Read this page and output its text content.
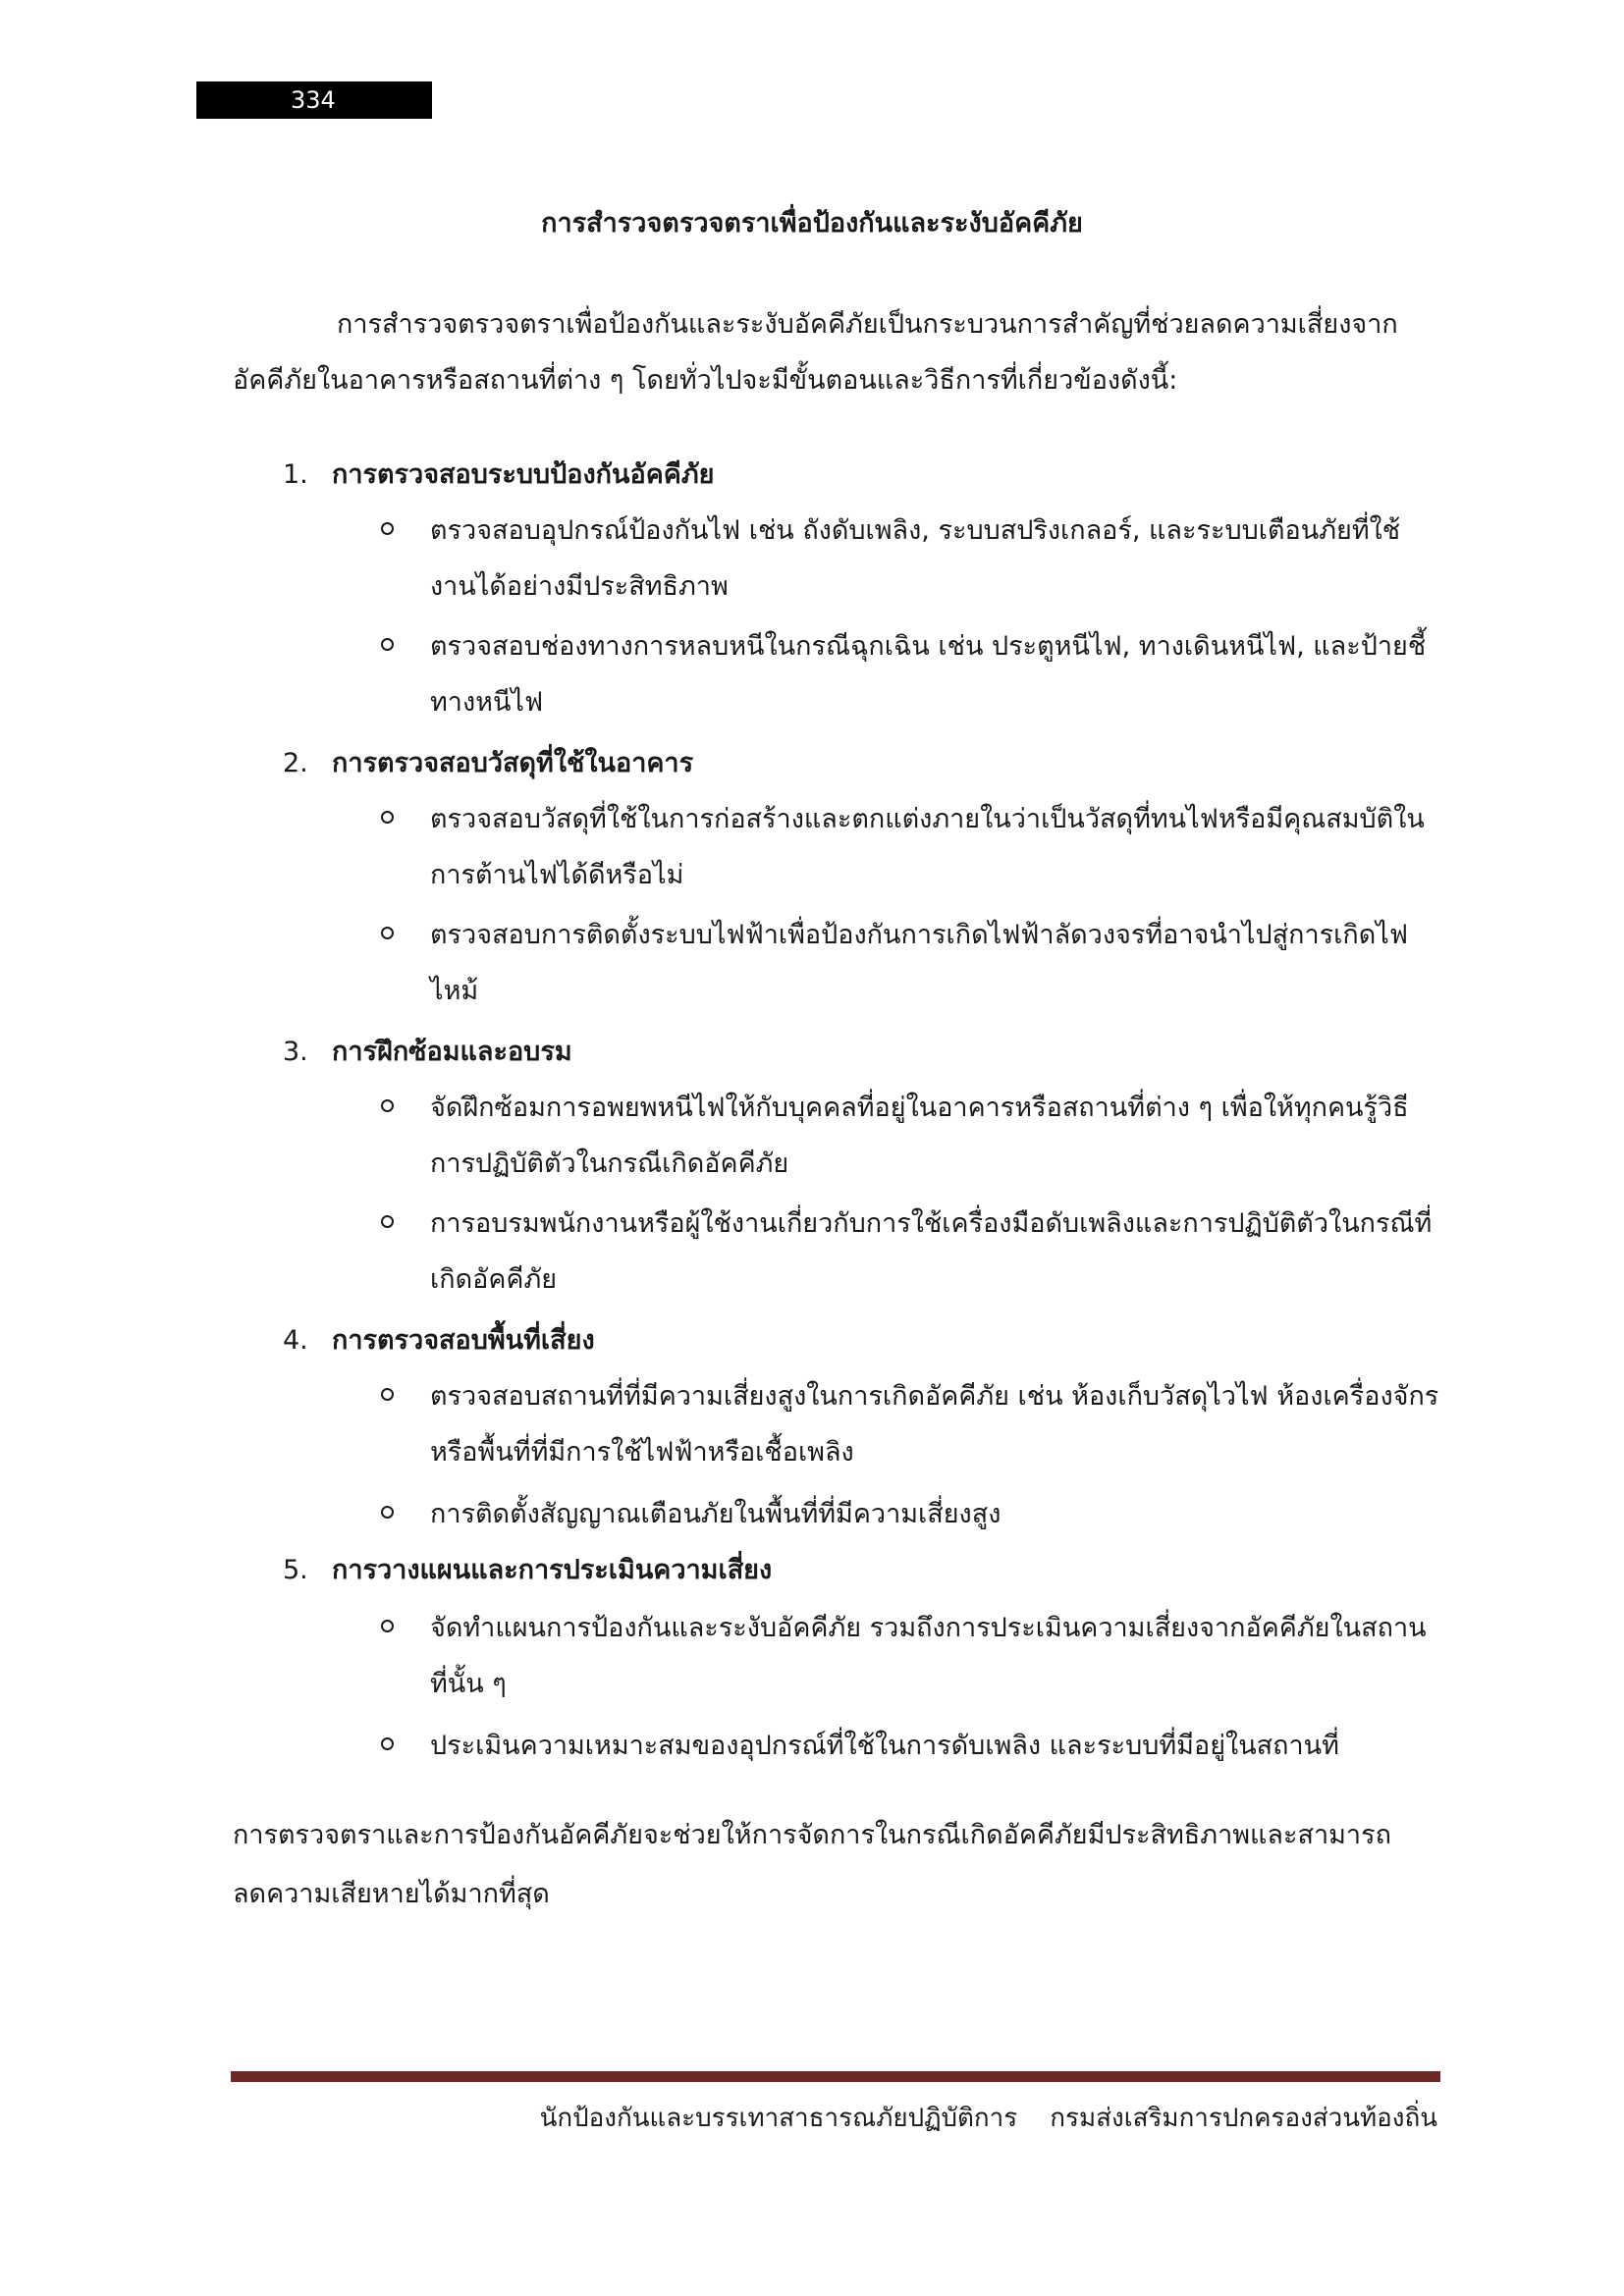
334
การสำรวจตรวจตราเพื่อป้องกันและระงับอัคคีภัย

การสำรวจตรวจตราเพื่อป้องกันและระงับอัคคีภัยเป็นกระบวนการสำคัญที่ช่วยลดความเสี่ยงจากอัคคีภัยในอาคารหรือสถานที่ต่าง ๆ โดยทั่วไปจะมีขั้นตอนและวิธีการที่เกี่ยวข้องดังนี้:

1. การตรวจสอบระบบป้องกันอัคคีภัย
ตรวจสอบอุปกรณ์ป้องกันไฟ เช่น ถังดับเพลิง, ระบบสปริงเกลอร์, และระบบเตือนภัยที่ใช้งานได้อย่างมีประสิทธิภาพ
ตรวจสอบช่องทางการหลบหนีในกรณีฉุกเฉิน เช่น ประตูหนีไฟ, ทางเดินหนีไฟ, และป้ายชี้ทางหนีไฟ
2. การตรวจสอบวัสดุที่ใช้ในอาคาร
ตรวจสอบวัสดุที่ใช้ในการก่อสร้างและตกแต่งภายในว่าเป็นวัสดุที่ทนไฟหรือมีคุณสมบัติในการต้านไฟได้ดีหรือไม่
ตรวจสอบการติดตั้งระบบไฟฟ้าเพื่อป้องกันการเกิดไฟฟ้าลัดวงจรที่อาจนำไปสู่การเกิดไฟไหม้
3. การฝึกซ้อมและอบรม
จัดฝึกซ้อมการอพยพหนีไฟให้กับบุคคลที่อยู่ในอาคารหรือสถานที่ต่าง ๆ เพื่อให้ทุกคนรู้วิธีการปฏิบัติตัวในกรณีเกิดอัคคีภัย
การอบรมพนักงานหรือผู้ใช้งานเกี่ยวกับการใช้เครื่องมือดับเพลิงและการปฏิบัติตัวในกรณีที่เกิดอัคคีภัย
4. การตรวจสอบพื้นที่เสี่ยง
ตรวจสอบสถานที่ที่มีความเสี่ยงสูงในการเกิดอัคคีภัย เช่น ห้องเก็บวัสดุไวไฟ ห้องเครื่องจักร หรือพื้นที่ที่มีการใช้ไฟฟ้าหรือเชื้อเพลิง
การติดตั้งสัญญาณเตือนภัยในพื้นที่ที่มีความเสี่ยงสูง
5. การวางแผนและการประเมินความเสี่ยง
จัดทำแผนการป้องกันและระงับอัคคีภัย รวมถึงการประเมินความเสี่ยงจากอัคคีภัยในสถานที่นั้น ๆ
ประเมินความเหมาะสมของอุปกรณ์ที่ใช้ในการดับเพลิง และระบบที่มีอยู่ในสถานที่

การตรวจตราและการป้องกันอัคคีภัยจะช่วยให้การจัดการในกรณีเกิดอัคคีภัยมีประสิทธิภาพและสามารถลดความเสียหายได้มากที่สุด

นักป้องกันและบรรเทาสาธารณภัยปฏิบัติการ    กรมส่งเสริมการปกครองส่วนท้องถิ่น
